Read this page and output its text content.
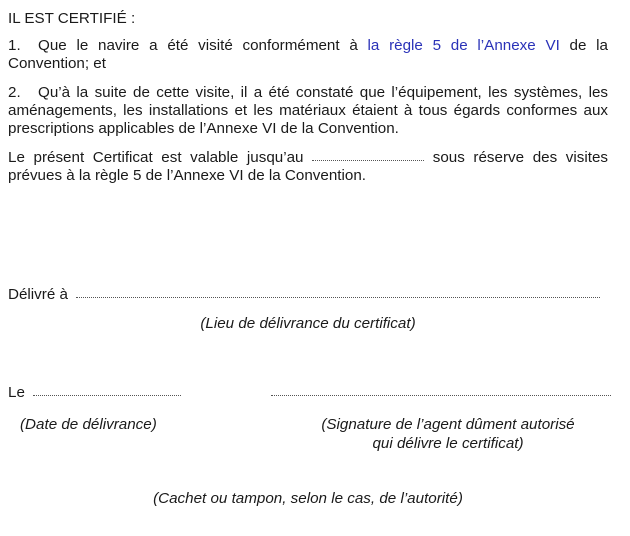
IL EST CERTIFIÉ :
1. Que le navire a été visité conformément à la règle 5 de l’Annexe VI de la Convention; et
2. Qu’à la suite de cette visite, il a été constaté que l’équipement, les systèmes, les aménagements, les installations et les matériaux étaient à tous égards conformes aux prescriptions applicables de l’Annexe VI de la Convention.
Le présent Certificat est valable jusqu’au	sous réserve des visites prévues à la règle 5 de l’Annexe VI de la Convention.
Délivré à
(Lieu de délivrance du certificat)
Le
(Date de délivrance)	(Signature de l’agent dûment autorisé
qui délivre le certificat)
(Cachet ou tampon, selon le cas, de l’autorité)
